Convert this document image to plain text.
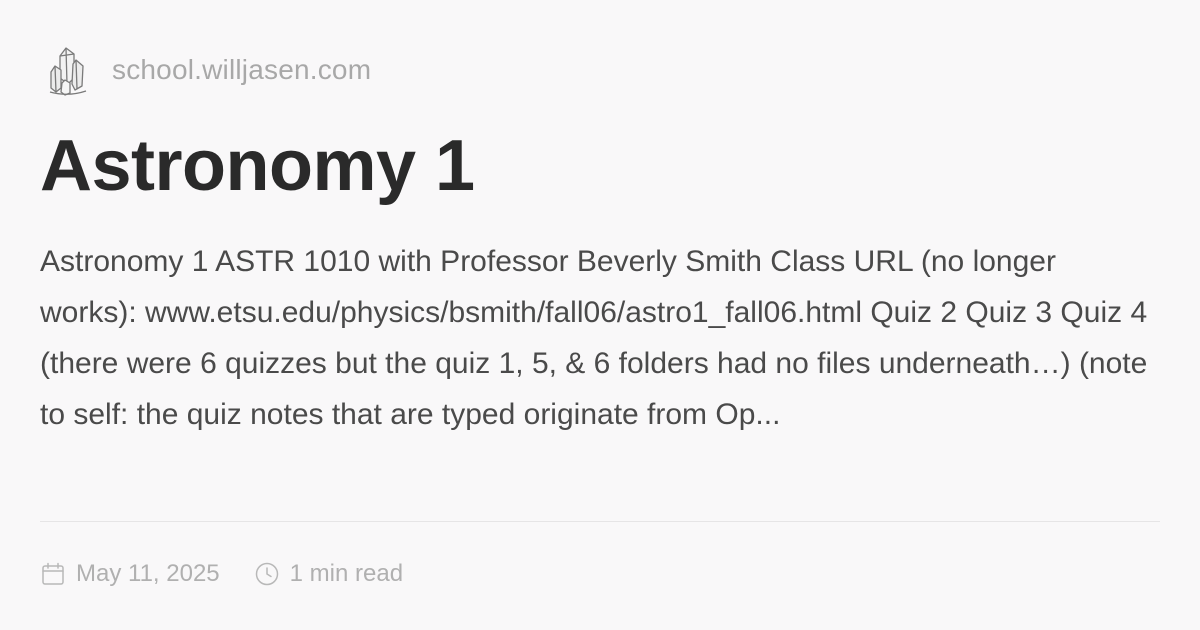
school.willjasen.com
Astronomy 1

Astronomy 1 ASTR 1010 with Professor Beverly Smith Class URL (no longer works): www.etsu.edu/physics/bsmith/fall06/astro1_fall06.html Quiz 2 Quiz 3 Quiz 4 (there were 6 quizzes but the quiz 1, 5, & 6 folders had no files underneath…) (note to self: the quiz notes that are typed originate from Op...

May 11, 2025	1 min read
